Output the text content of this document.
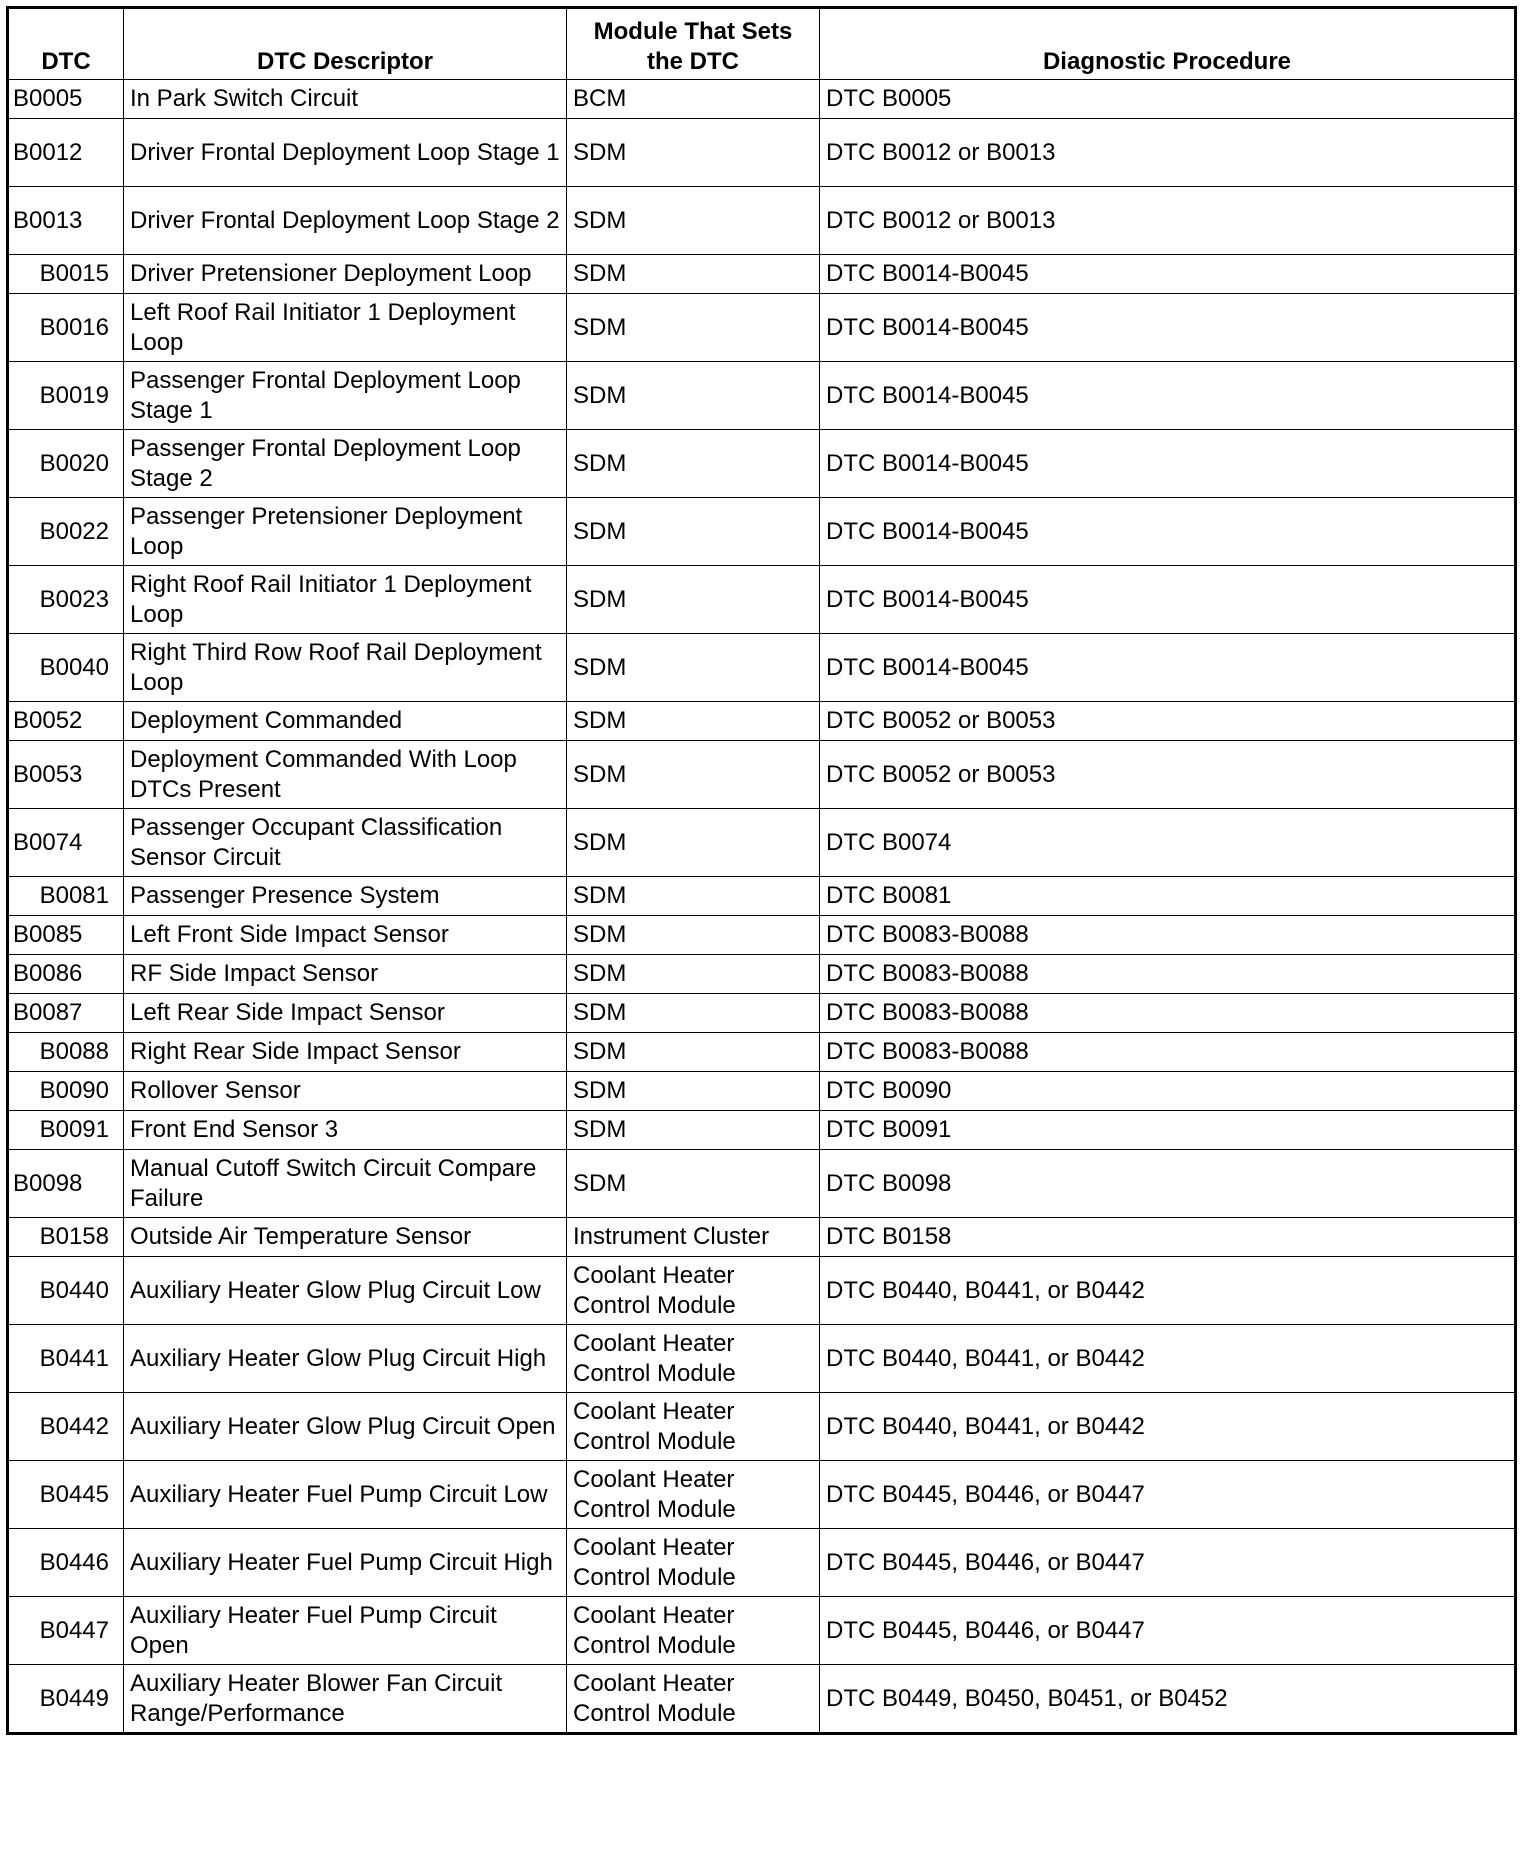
DTC	DTC Descriptor	Module That Sets the DTC	Diagnostic Procedure
B0005	In Park Switch Circuit	BCM	DTC B0005
B0012	Driver Frontal Deployment Loop Stage 1	SDM	DTC B0012 or B0013
B0013	Driver Frontal Deployment Loop Stage 2	SDM	DTC B0012 or B0013
B0015	Driver Pretensioner Deployment Loop	SDM	DTC B0014-B0045
B0016	Left Roof Rail Initiator 1 Deployment Loop	SDM	DTC B0014-B0045
B0019	Passenger Frontal Deployment Loop Stage 1	SDM	DTC B0014-B0045
B0020	Passenger Frontal Deployment Loop Stage 2	SDM	DTC B0014-B0045
B0022	Passenger Pretensioner Deployment Loop	SDM	DTC B0014-B0045
B0023	Right Roof Rail Initiator 1 Deployment Loop	SDM	DTC B0014-B0045
B0040	Right Third Row Roof Rail Deployment Loop	SDM	DTC B0014-B0045
B0052	Deployment Commanded	SDM	DTC B0052 or B0053
B0053	Deployment Commanded With Loop DTCs Present	SDM	DTC B0052 or B0053
B0074	Passenger Occupant Classification Sensor Circuit	SDM	DTC B0074
B0081	Passenger Presence System	SDM	DTC B0081
B0085	Left Front Side Impact Sensor	SDM	DTC B0083-B0088
B0086	RF Side Impact Sensor	SDM	DTC B0083-B0088
B0087	Left Rear Side Impact Sensor	SDM	DTC B0083-B0088
B0088	Right Rear Side Impact Sensor	SDM	DTC B0083-B0088
B0090	Rollover Sensor	SDM	DTC B0090
B0091	Front End Sensor 3	SDM	DTC B0091
B0098	Manual Cutoff Switch Circuit Compare Failure	SDM	DTC B0098
B0158	Outside Air Temperature Sensor	Instrument Cluster	DTC B0158
B0440	Auxiliary Heater Glow Plug Circuit Low	Coolant Heater Control Module	DTC B0440, B0441, or B0442
B0441	Auxiliary Heater Glow Plug Circuit High	Coolant Heater Control Module	DTC B0440, B0441, or B0442
B0442	Auxiliary Heater Glow Plug Circuit Open	Coolant Heater Control Module	DTC B0440, B0441, or B0442
B0445	Auxiliary Heater Fuel Pump Circuit Low	Coolant Heater Control Module	DTC B0445, B0446, or B0447
B0446	Auxiliary Heater Fuel Pump Circuit High	Coolant Heater Control Module	DTC B0445, B0446, or B0447
B0447	Auxiliary Heater Fuel Pump Circuit Open	Coolant Heater Control Module	DTC B0445, B0446, or B0447
B0449	Auxiliary Heater Blower Fan Circuit Range/Performance	Coolant Heater Control Module	DTC B0449, B0450, B0451, or B0452
